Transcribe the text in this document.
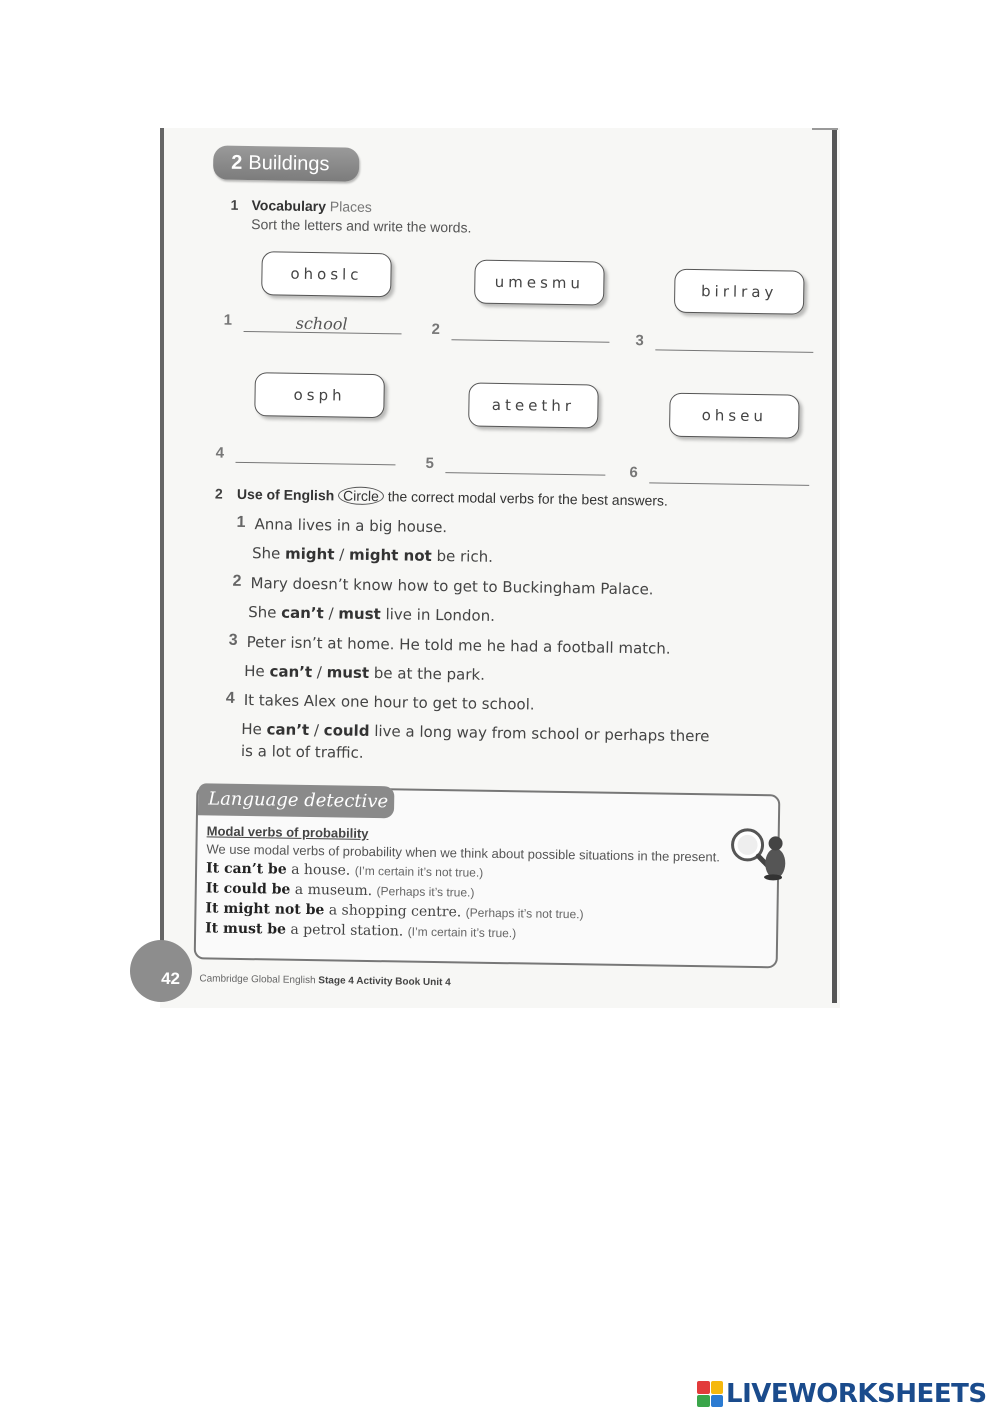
2 Buildings
1 Vocabulary Places
Sort the letters and write the words.
ohoslc	umesmu	birlray
1	school	2
3
osph
ateethr
ohseu
4
5
6
2 Use of English Circle the correct modal verbs for the best answers.
1 Anna lives in a big house.
She might / might not be rich.
2 Mary doesn’t know how to get to Buckingham Palace.
She can’t / must live in London.
3 Peter isn’t at home. He told me he had a football match.
He can’t / must be at the park.
4 It takes Alex one hour to get to school.
He can’t / could live a long way from school or perhaps there
is a lot of traffic.
Language detective
Modal verbs of probability
We use modal verbs of probability when we think about possible situations in the present.
It can’t be a house. (I’m certain it’s not true.)
It could be a museum. (Perhaps it’s true.)
It might not be a shopping centre. (Perhaps it’s not true.)
It must be a petrol station. (I’m certain it’s true.)
Cambridge Global English Stage 4 Activity Book Unit 4
42
LIVEWORKSHEETS
